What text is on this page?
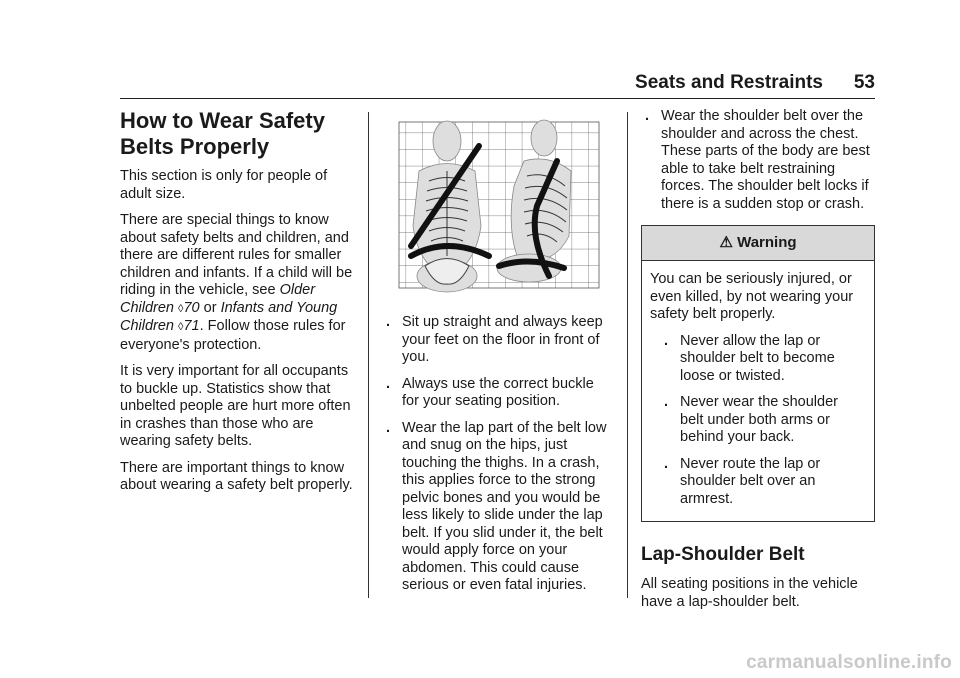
Seats and Restraints 53
How to Wear Safety Belts Properly

This section is only for people of adult size.

There are special things to know about safety belts and children, and there are different rules for smaller children and infants. If a child will be riding in the vehicle, see Older Children ◊70 or Infants and Young Children ◊71. Follow those rules for everyone's protection.

It is very important for all occupants to buckle up. Statistics show that unbelted people are hurt more often in crashes than those who are wearing safety belts.

There are important things to know about wearing a safety belt properly.

. Sit up straight and always keep your feet on the floor in front of you.
. Always use the correct buckle for your seating position.
. Wear the lap part of the belt low and snug on the hips, just touching the thighs. In a crash, this applies force to the strong pelvic bones and you would be less likely to slide under the lap belt. If you slid under it, the belt would apply force on your abdomen. This could cause serious or even fatal injuries.
. Wear the shoulder belt over the shoulder and across the chest. These parts of the body are best able to take belt restraining forces. The shoulder belt locks if there is a sudden stop or crash.
⚠ Warning

You can be seriously injured, or even killed, by not wearing your safety belt properly.

. Never allow the lap or shoulder belt to become loose or twisted.
. Never wear the shoulder belt under both arms or behind your back.
. Never route the lap or shoulder belt over an armrest.
Lap-Shoulder Belt

All seating positions in the vehicle have a lap-shoulder belt.

carmanualsonline.info
